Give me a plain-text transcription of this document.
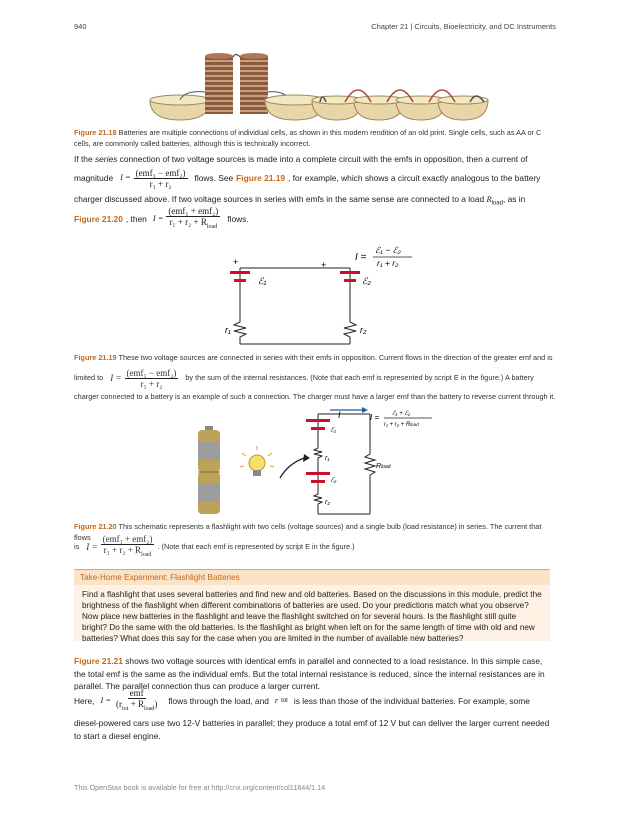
940	Chapter 21 | Circuits, Bioelectricity, and DC Instruments
Figure 21.18 Batteries are multiple connections of individual cells, as shown in this modern rendition of an old print. Single cells, such as AA or C cells, are commonly called batteries, although this is technically incorrect.
If the series connection of two voltage sources is made into a complete circuit with the emfs in opposition, then a current of
magnitude $I = \frac{\text{(emf₁ − emf₂)}}{\text{r₁ + r₂}}$ flows. See Figure 21.19 , for example, which shows a circuit exactly analogous to the battery
charger discussed above. If two voltage sources in series with emfs in the same sense are connected to a load $R_{load}$, as in
Figure 21.20 , then $I = \frac{\text{(emf₁ + emf₂)}}{r_1 + r_2 + R_{load}}$ flows.
+	+
ℰ₁	ℰ₂
r₁	r₂
I =
ℰ₁ − ℰ₂
r₁ + r₂
Figure 21.19 These two voltage sources are connected in series with their emfs in opposition. Current flows in the direction of the greater emf and is
limited to $I = \frac{\text{(emf₁ − emf₂)}}{\text{r₁ + r₂}}$ by the sum of the internal resistances. (Note that each emf is represented by script E in the figure.) A battery
charger connected to a battery is an example of such a connection. The charger must have a larger emf than the battery to reverse current through it.
I
ℰ₁
r₁
ℰ₂
r₂
Rload
I = ℰ₁ + ℰ₂
r₁ + r₂ + Rload
Figure 21.20 This schematic represents a flashlight with two cells (voltage sources) and a single bulb (load resistance) in series. The current that flows
is $I = \frac{\text{(emf₁ + emf₂)}}{r_1 + r_2 + R_{load}}$ . (Note that each emf is represented by script E in the figure.)
Take-Home Experiment: Flashlight Batteries
Find a flashlight that uses several batteries and find new and old batteries. Based on the discussions in this module, predict the brightness of the flashlight when different combinations of batteries are used. Do your predictions match what you observe? Now place new batteries in the flashlight and leave the flashlight switched on for several hours. Is the flashlight still quite bright? Do the same with the old batteries. Is the flashlight as bright when left on for the same length of time with old and new batteries? What does this say for the case when you are limited in the number of available new batteries?
Figure 21.21 shows two voltage sources with identical emfs in parallel and connected to a load resistance. In this simple case, the total emf is the same as the individual emfs. But the total internal resistance is reduced, since the internal resistances are in parallel. The parallel connection thus can produce a larger current.
Here, $I = \frac{\text{emf}}{(r_{tot} + R_{load})}$ flows through the load, and r tot is less than those of the individual batteries. For example, some
diesel-powered cars use two 12-V batteries in parallel; they produce a total emf of 12 V but can deliver the larger current needed to start a diesel engine.
This OpenStax book is available for free at http://cnx.org/content/col11844/1.14
